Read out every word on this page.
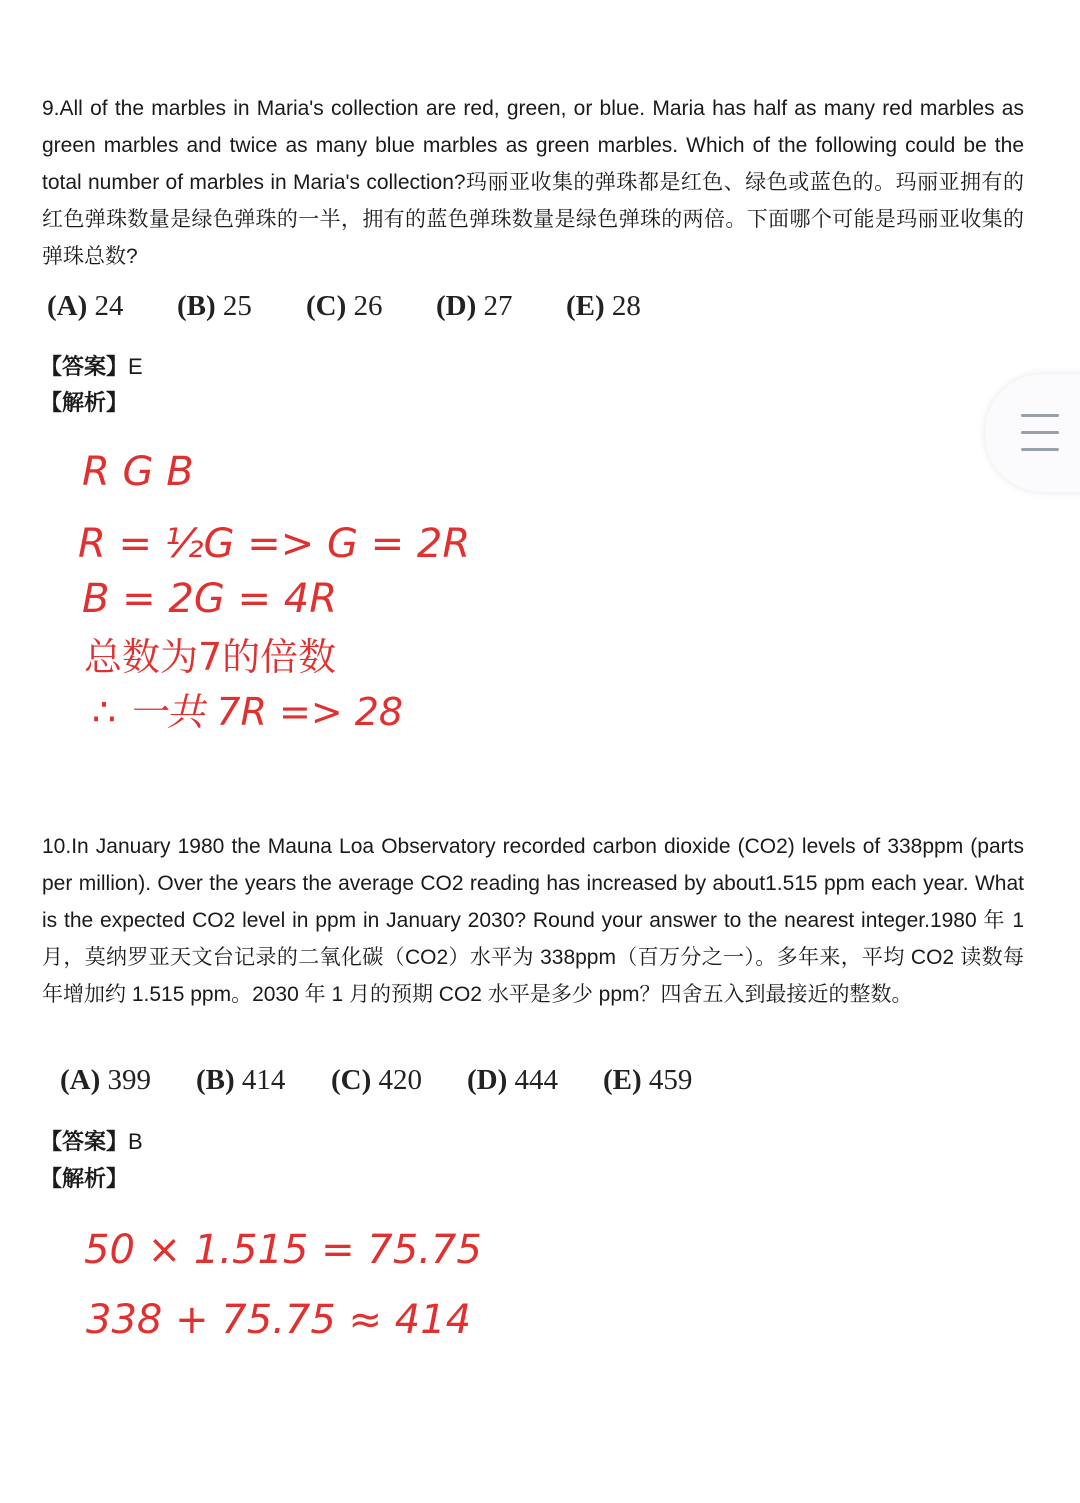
9.All of the marbles in Maria's collection are red, green, or blue. Maria has half as many red marbles as green marbles and twice as many blue marbles as green marbles. Which of the following could be the total number of marbles in Maria's collection?玛丽亚收集的弹珠都是红色、绿色或蓝色的。玛丽亚拥有的红色弹珠数量是绿色弹珠的一半，拥有的蓝色弹珠数量是绿色弹珠的两倍。下面哪个可能是玛丽亚收集的弹珠总数?
(A) 24 (B) 25 (C) 26 (D) 27 (E) 28
【答案】E
【解析】
R G B
R = ½G => G = 2R
B = 2G = 4R
总数为7的倍数
∴ 一共 7R => 28
10.In January 1980 the Mauna Loa Observatory recorded carbon dioxide (CO2) levels of 338ppm (parts per million). Over the years the average CO2 reading has increased by about1.515 ppm each year. What is the expected CO2 level in ppm in January 2030? Round your answer to the nearest integer.1980 年 1 月，莫纳罗亚天文台记录的二氧化碳（CO2）水平为 338ppm（百万分之一）。多年来，平均 CO2 读数每年增加约 1.515 ppm。2030 年 1 月的预期 CO2 水平是多少 ppm？四舍五入到最接近的整数。
(A) 399 (B) 414 (C) 420 (D) 444 (E) 459
【答案】B
【解析】
50 × 1.515 = 75.75
338 + 75.75 ≈ 414
